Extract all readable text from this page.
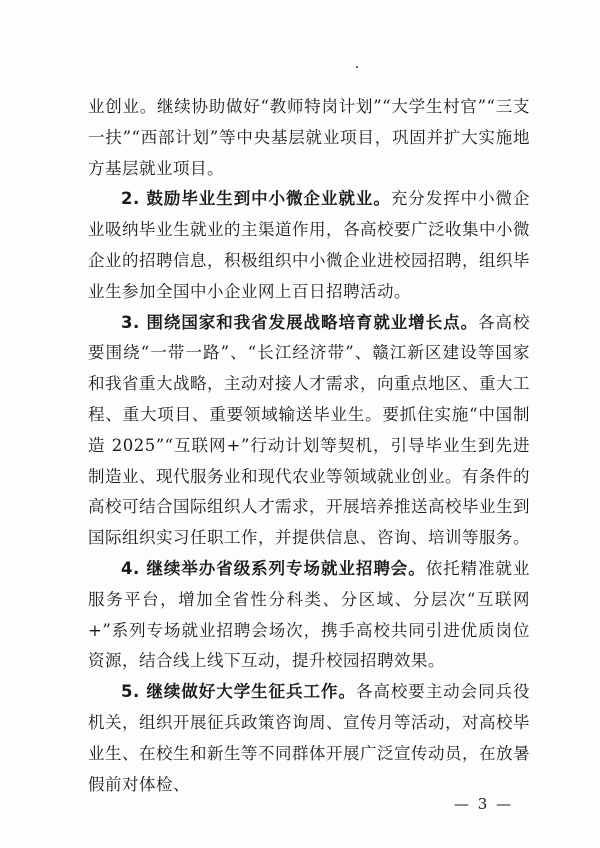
业创业。继续协助做好“教师特岗计划”“大学生村官”“三支一扶”“西部计划”等中央基层就业项目，巩固并扩大实施地方基层就业项目。

2. 鼓励毕业生到中小微企业就业。充分发挥中小微企业吸纳毕业生就业的主渠道作用，各高校要广泛收集中小微企业的招聘信息，积极组织中小微企业进校园招聘，组织毕业生参加全国中小企业网上百日招聘活动。

3. 围绕国家和我省发展战略培育就业增长点。各高校要围绕“一带一路”、“长江经济带”、赣江新区建设等国家和我省重大战略，主动对接人才需求，向重点地区、重大工程、重大项目、重要领域输送毕业生。要抓住实施“中国制造 2025”“互联网+”行动计划等契机，引导毕业生到先进制造业、现代服务业和现代农业等领域就业创业。有条件的高校可结合国际组织人才需求，开展培养推送高校毕业生到国际组织实习任职工作，并提供信息、咨询、培训等服务。

4. 继续举办省级系列专场就业招聘会。依托精准就业服务平台，增加全省性分科类、分区域、分层次“互联网+”系列专场就业招聘会场次，携手高校共同引进优质岗位资源，结合线上线下互动，提升校园招聘效果。

5. 继续做好大学生征兵工作。各高校要主动会同兵役机关，组织开展征兵政策咨询周、宣传月等活动，对高校毕业生、在校生和新生等不同群体开展广泛宣传动员，在放暑假前对体检、

— 3 —
